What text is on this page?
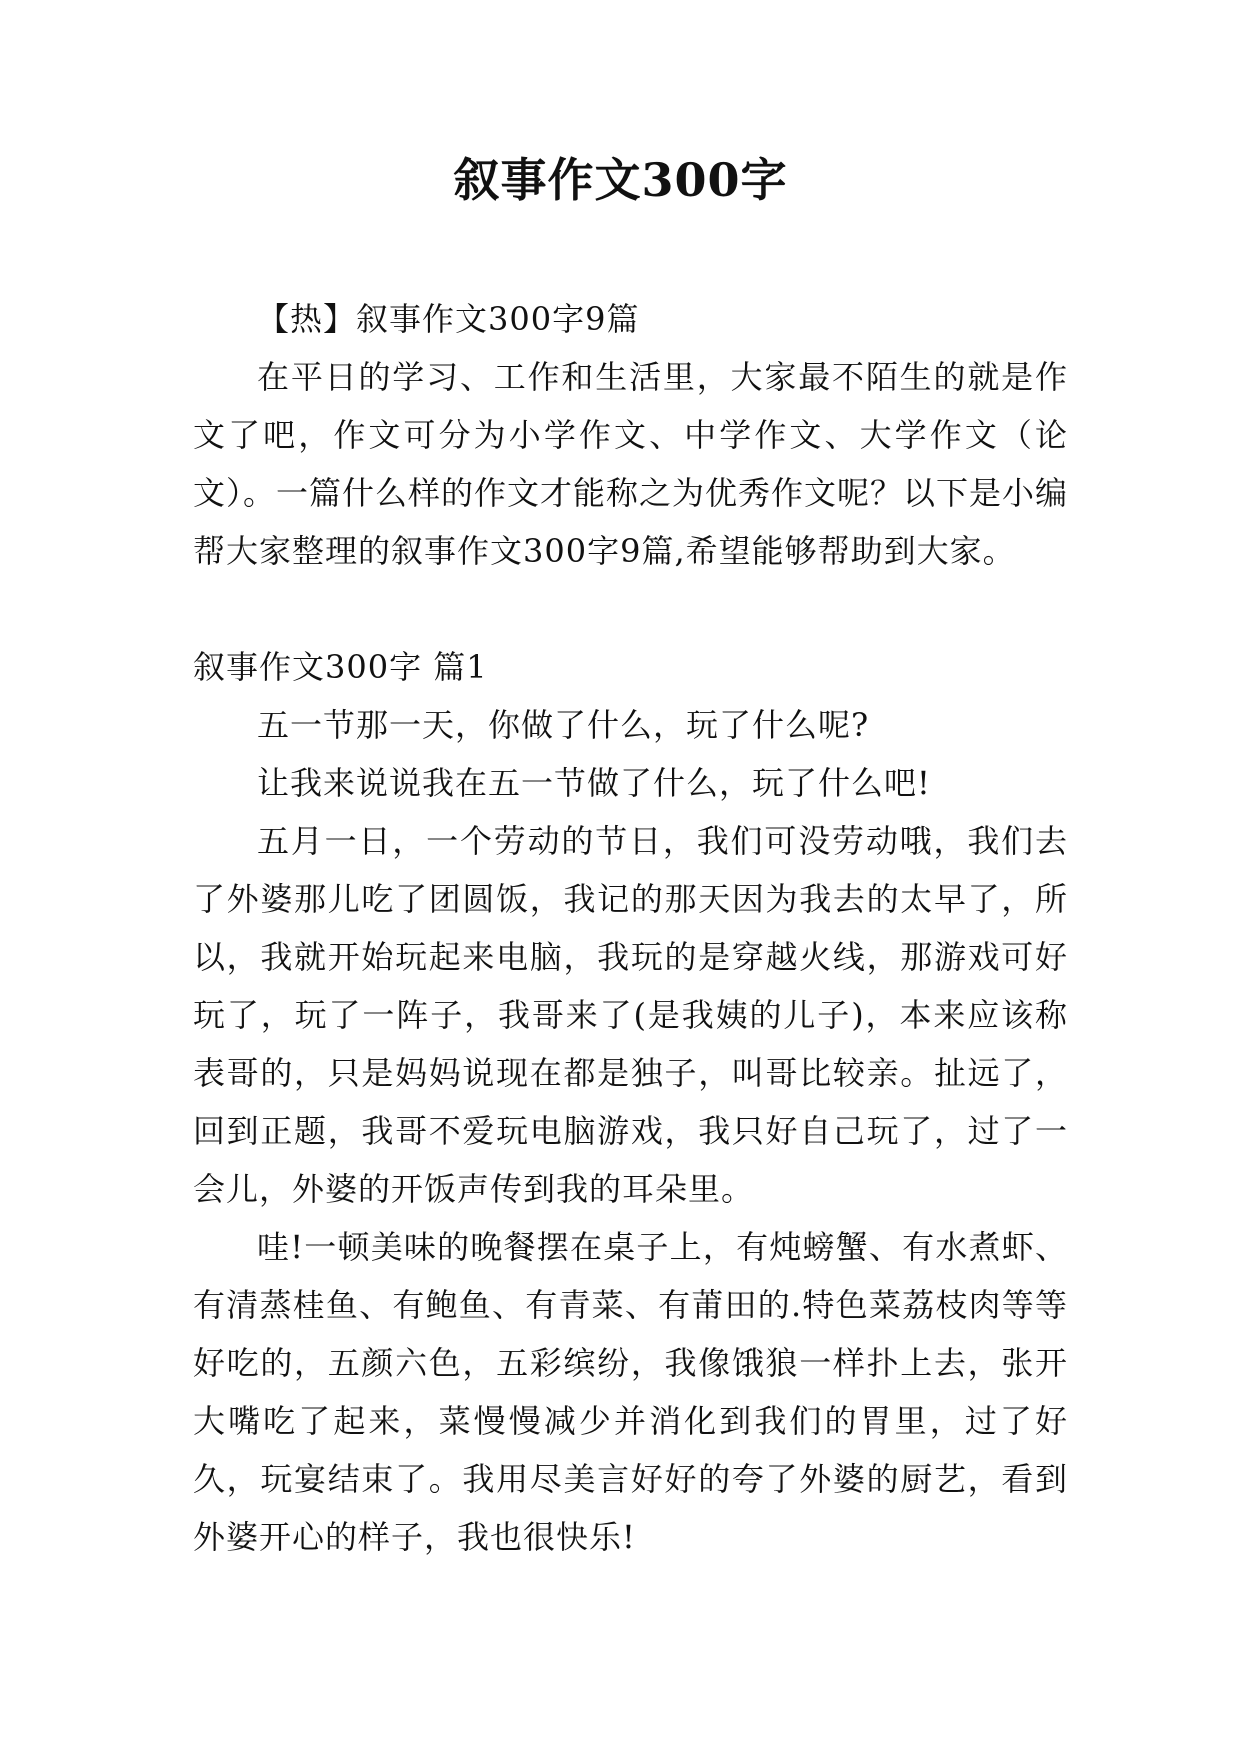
叙事作文300字

【热】叙事作文300字9篇

在平日的学习、工作和生活里，大家最不陌生的就是作文了吧，作文可分为小学作文、中学作文、大学作文（论文）。一篇什么样的作文才能称之为优秀作文呢？以下是小编帮大家整理的叙事作文300字9篇,希望能够帮助到大家。

叙事作文300字 篇1

五一节那一天，你做了什么，玩了什么呢?

让我来说说我在五一节做了什么，玩了什么吧!

五月一日，一个劳动的节日，我们可没劳动哦，我们去了外婆那儿吃了团圆饭，我记的那天因为我去的太早了，所以，我就开始玩起来电脑，我玩的是穿越火线，那游戏可好玩了，玩了一阵子，我哥来了(是我姨的儿子)，本来应该称表哥的，只是妈妈说现在都是独子，叫哥比较亲。扯远了，回到正题，我哥不爱玩电脑游戏，我只好自己玩了，过了一会儿，外婆的开饭声传到我的耳朵里。

哇!一顿美味的晚餐摆在桌子上，有炖螃蟹、有水煮虾、有清蒸桂鱼、有鲍鱼、有青菜、有莆田的.特色菜荔枝肉等等好吃的，五颜六色，五彩缤纷，我像饿狼一样扑上去，张开大嘴吃了起来，菜慢慢减少并消化到我们的胃里，过了好久，玩宴结束了。我用尽美言好好的夸了外婆的厨艺，看到外婆开心的样子，我也很快乐!
